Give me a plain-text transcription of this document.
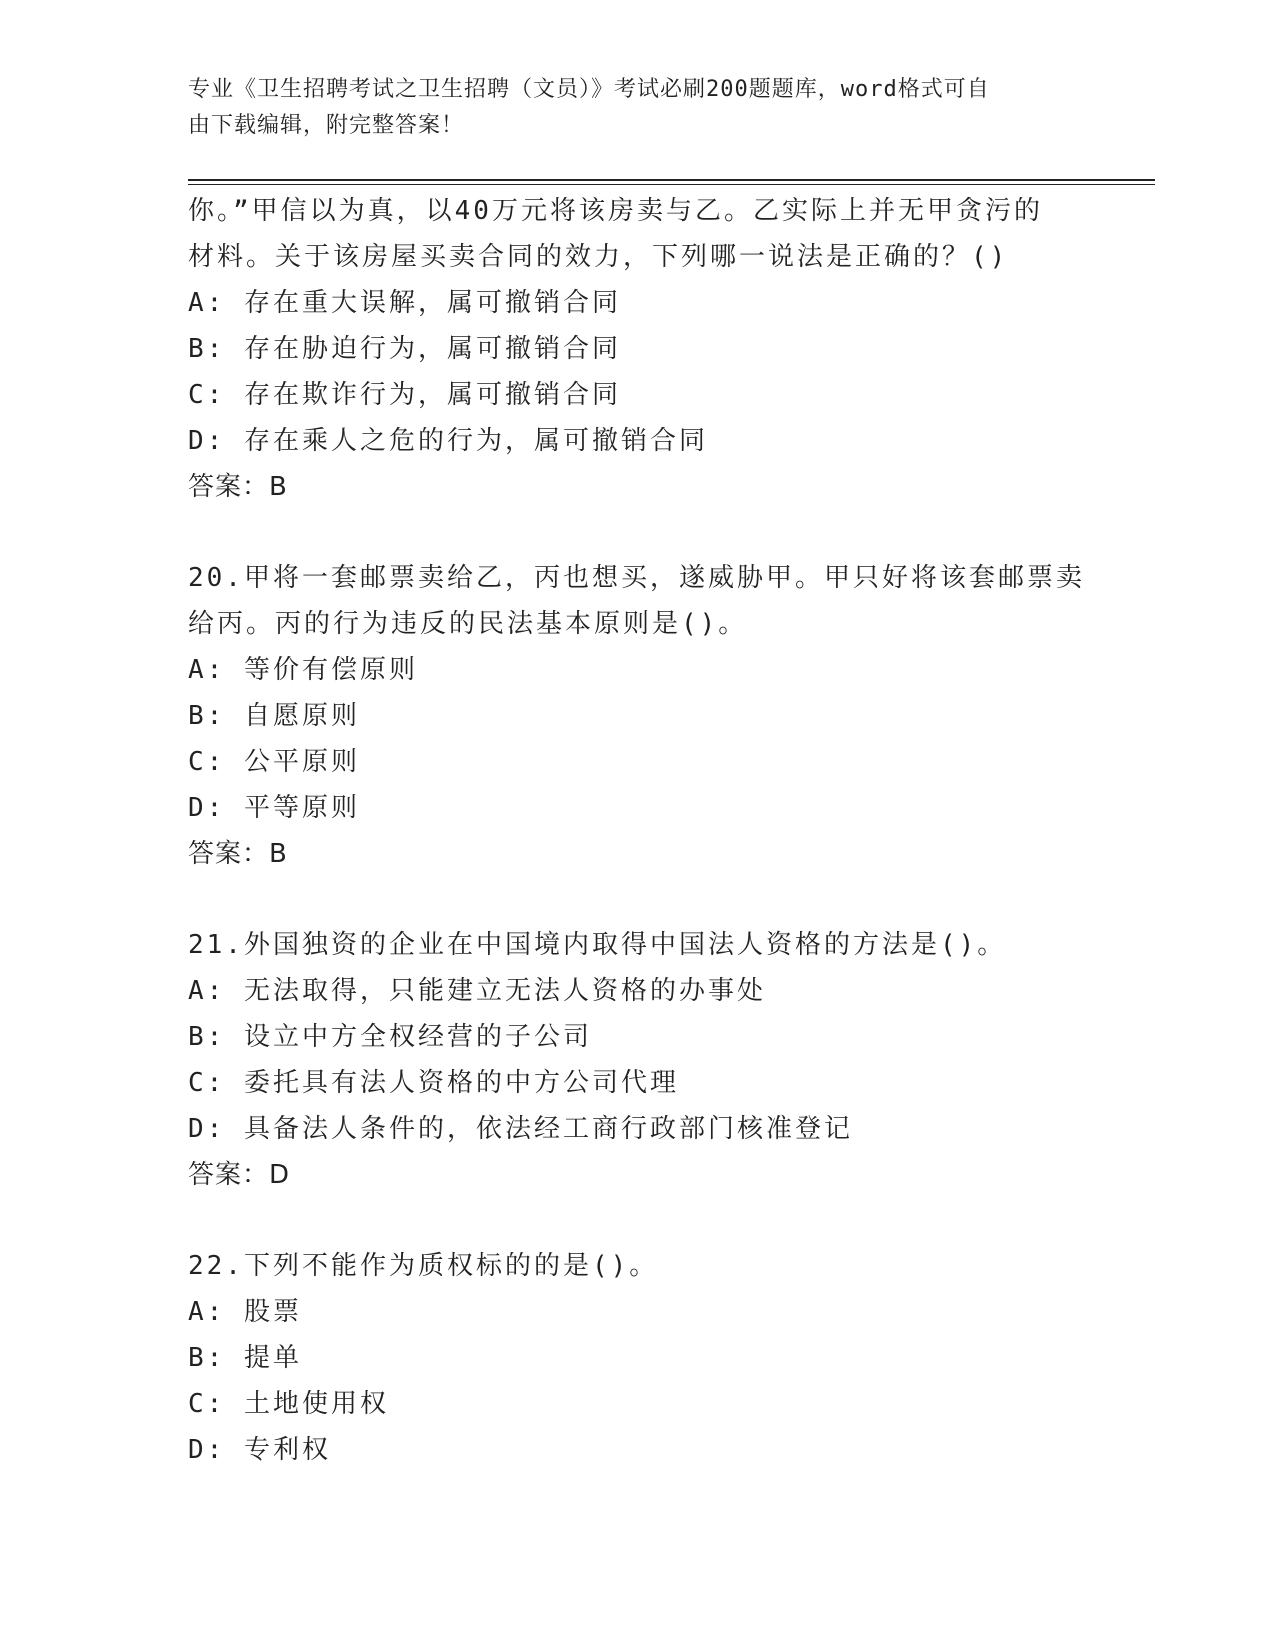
专业《卫生招聘考试之卫生招聘（文员）》考试必刷200题题库，word格式可自
由下载编辑，附完整答案！
你。”甲信以为真，以40万元将该房卖与乙。乙实际上并无甲贪污的
材料。关于该房屋买卖合同的效力，下列哪一说法是正确的？()
A: 存在重大误解，属可撤销合同
B: 存在胁迫行为，属可撤销合同
C: 存在欺诈行为，属可撤销合同
D: 存在乘人之危的行为，属可撤销合同
答案：B
20.甲将一套邮票卖给乙，丙也想买，遂威胁甲。甲只好将该套邮票卖
给丙。丙的行为违反的民法基本原则是()。
A: 等价有偿原则
B: 自愿原则
C: 公平原则
D: 平等原则
答案：B
21.外国独资的企业在中国境内取得中国法人资格的方法是()。
A: 无法取得，只能建立无法人资格的办事处
B: 设立中方全权经营的子公司
C: 委托具有法人资格的中方公司代理
D: 具备法人条件的，依法经工商行政部门核准登记
答案：D
22.下列不能作为质权标的的是()。
A: 股票
B: 提单
C: 土地使用权
D: 专利权
